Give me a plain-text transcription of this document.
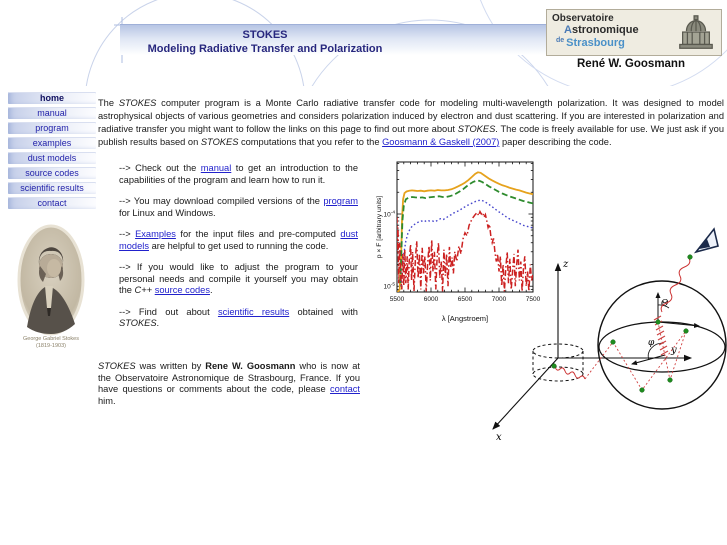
STOKES
Modeling Radiative Transfer and Polarization
Observatoire
Astronomique
$^{de}$ Strasbourg
René W. Goosmann
home
manual
program
examples
dust models
source codes
scientific results
contact

The STOKES computer program is a Monte Carlo radiative transfer code for modeling multi-wavelength polarization. It was designed to model astrophysical objects of various geometries and considers polarization induced by electron and dust scattering. If you are interested in polarization and radiative transfer you might want to follow the links on this page to find out more about STOKES. The code is freely available for use. We just ask if you publish results based on STOKES computations that you refer to the Goosmann & Gaskell (2007) paper describing the code.

--> Check out the manual to get an introduction to the capabilities of the program and learn how to run it.

--> You may download compiled versions of the program for Linux and Windows.

--> Examples for the input files and pre-computed dust models are helpful to get used to running the code.

--> If you would like to adjust the program to your personal needs and compile it yourself you may obtain the C++ source codes.

--> Find out about scientific results obtained with STOKES.

STOKES was written by Rene W. Goosmann who is now at the Observatoire Astronomique de Strasbourg, France. If you have questions or comments about the code, please contact him.

George Gabriel Stokes
(1819-1903)
$10^{-4}$
$10^{-5}$
5500	6000	6500	7000	7500
λ [Angstroem]
p × F [arbitrary units]
z
y
x
Θ
φ
